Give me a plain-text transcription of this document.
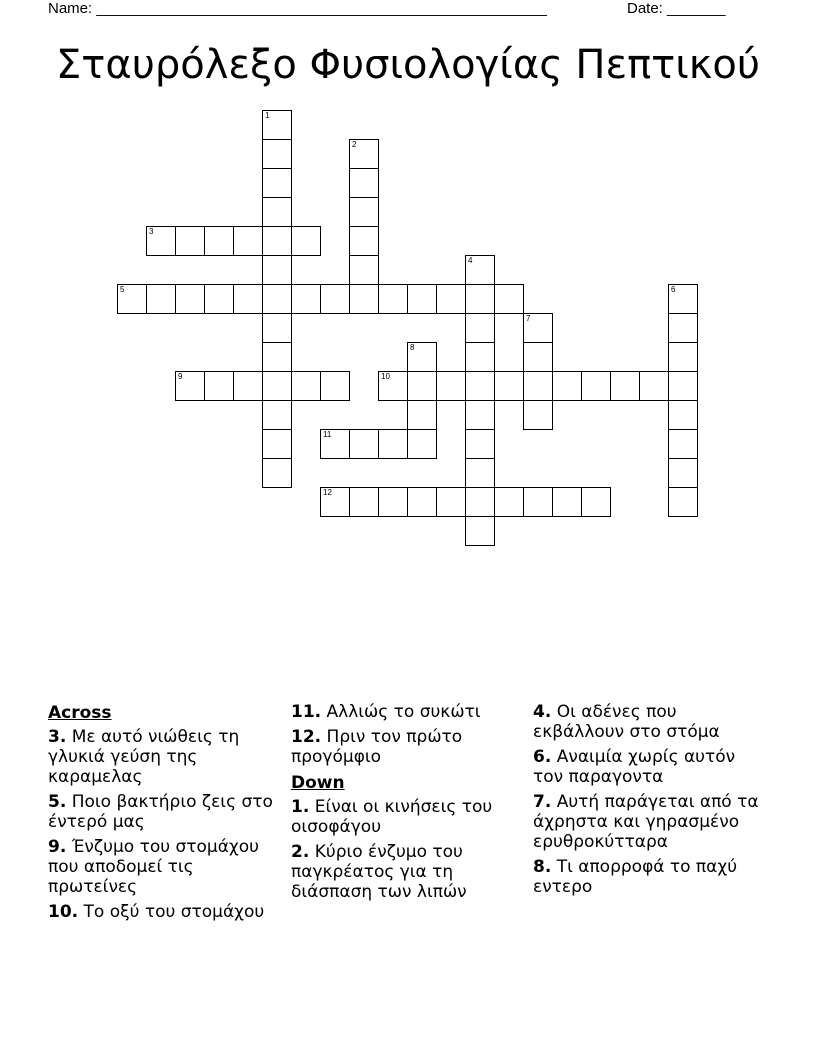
Name: ______________________________________________________	Date: _______
Σταυρόλεξο Φυσιολογίας Πεπτικού
1
2
3
4
5	6
7
8
9	10
11
12
Across
3. Με αυτό νιώθεις τη γλυκιά γεύση της καραμελας
5. Ποιο βακτήριο ζεις στο έντερό μας
9. Ένζυμο του στομάχου που αποδομεί τις πρωτείνες
10. Το οξύ του στομάχου
11. Αλλιώς το συκώτι
12. Πριν τον πρώτο προγόμφιο
Down
1. Είναι οι κινήσεις του οισοφάγου
2. Κύριο ένζυμο του παγκρέατος για τη διάσπαση των λιπών
4. Οι αδένες που εκβάλλουν στο στόμα
6. Αναιμία χωρίς αυτόν τον παραγοντα
7. Αυτή παράγεται από τα άχρηστα και γηρασμένο ερυθροκύτταρα
8. Τι απορροφά το παχύ εντερο
